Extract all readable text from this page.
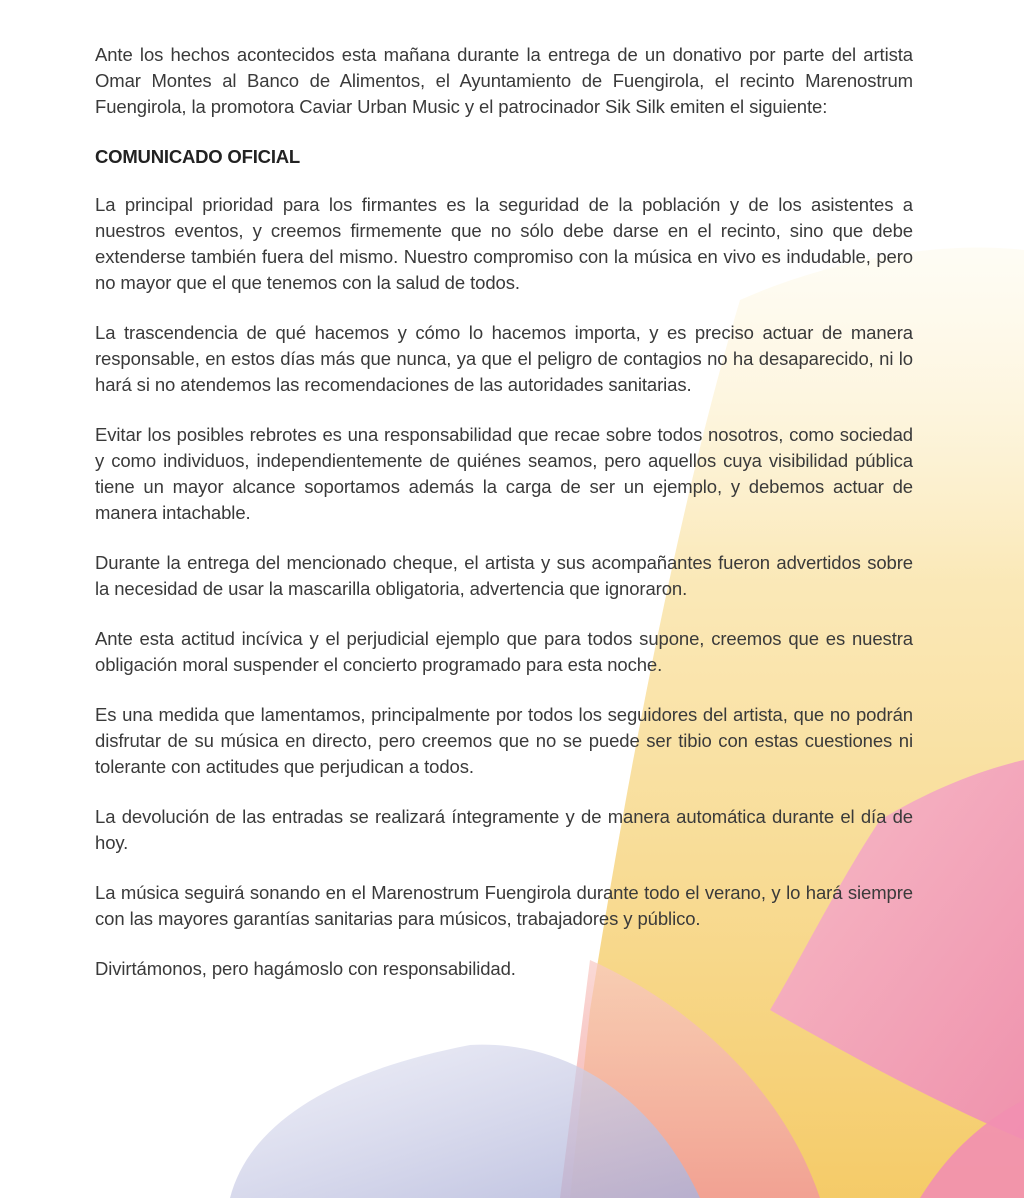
Ante los hechos acontecidos esta mañana durante la entrega de un donativo por parte del artista Omar Montes al Banco de Alimentos, el Ayuntamiento de Fuengirola, el recinto Marenostrum Fuengirola, la promotora Caviar Urban Music y el patrocinador Sik Silk emiten el siguiente:

COMUNICADO OFICIAL

La principal prioridad para los firmantes es la seguridad de la población y de los asistentes a nuestros eventos, y creemos firmemente que no sólo debe darse en el recinto, sino que debe extenderse también fuera del mismo. Nuestro compromiso con la música en vivo es indudable, pero no mayor que el que tenemos con la salud de todos.

La trascendencia de qué hacemos y cómo lo hacemos importa, y es preciso actuar de manera responsable, en estos días más que nunca, ya que el peligro de contagios no ha desaparecido, ni lo hará si no atendemos las recomendaciones de las autoridades sanitarias.

Evitar los posibles rebrotes es una responsabilidad que recae sobre todos nosotros, como sociedad y como individuos, independientemente de quiénes seamos, pero aquellos cuya visibilidad pública tiene un mayor alcance soportamos además la carga de ser un ejemplo, y debemos actuar de manera intachable.

Durante la entrega del mencionado cheque, el artista y sus acompañantes fueron advertidos sobre la necesidad de usar la mascarilla obligatoria, advertencia que ignoraron.

Ante esta actitud incívica y el perjudicial ejemplo que para todos supone, creemos que es nuestra obligación moral suspender el concierto programado para esta noche.

Es una medida que lamentamos, principalmente por todos los seguidores del artista, que no podrán disfrutar de su música en directo, pero creemos que no se puede ser tibio con estas cuestiones ni tolerante con actitudes que perjudican a todos.

La devolución de las entradas se realizará íntegramente y de manera automática durante el día de hoy.

La música seguirá sonando en el Marenostrum Fuengirola durante todo el verano, y lo hará siempre con las mayores garantías sanitarias para músicos, trabajadores y público.

Divirtámonos, pero hagámoslo con responsabilidad.
